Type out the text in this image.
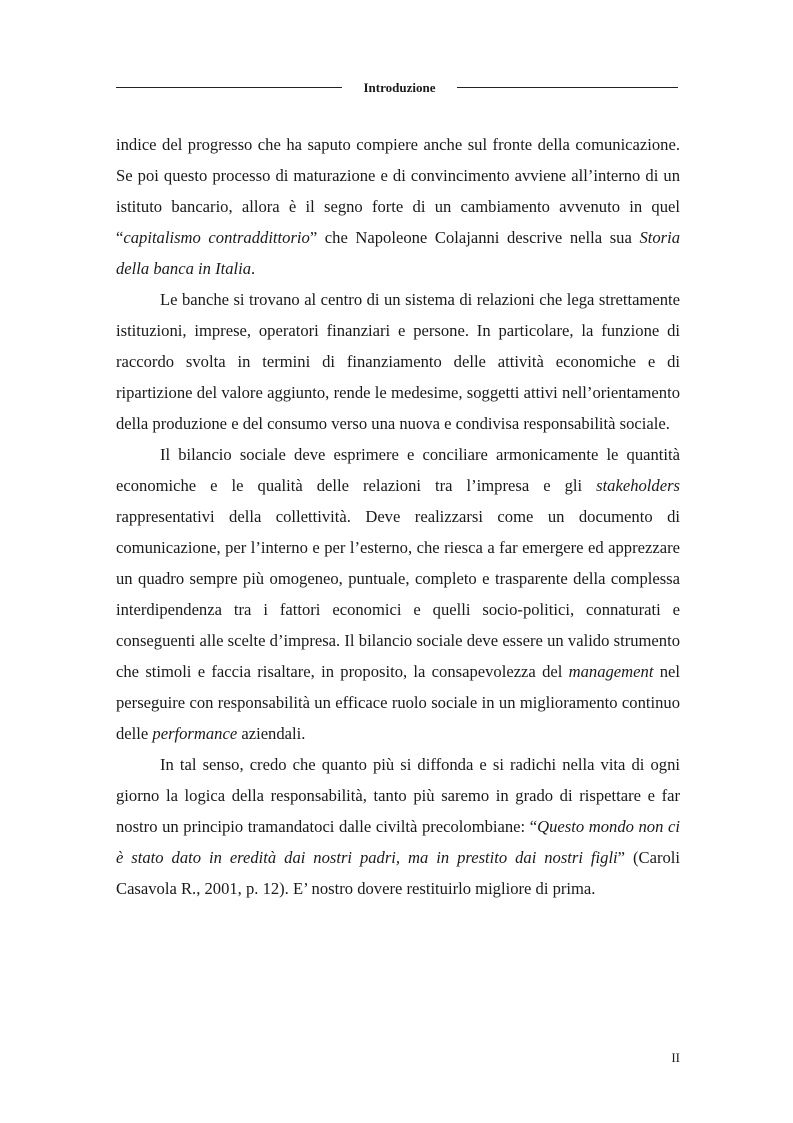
Introduzione

indice del progresso che ha saputo compiere anche sul fronte della comunicazione. Se poi questo processo di maturazione e di convincimento avviene all’interno di un istituto bancario, allora è il segno forte di un cambiamento avvenuto in quel “capitalismo contraddittorio” che Napoleone Colajanni descrive nella sua Storia della banca in Italia.

Le banche si trovano al centro di un sistema di relazioni che lega strettamente istituzioni, imprese, operatori finanziari e persone. In particolare, la funzione di raccordo svolta in termini di finanziamento delle attività economiche e di ripartizione del valore aggiunto, rende le medesime, soggetti attivi nell’orientamento della produzione e del consumo verso una nuova e condivisa responsabilità sociale.

Il bilancio sociale deve esprimere e conciliare armonicamente le quantità economiche e le qualità delle relazioni tra l’impresa e gli stakeholders rappresentativi della collettività. Deve realizzarsi come un documento di comunicazione, per l’interno e per l’esterno, che riesca a far emergere ed apprezzare un quadro sempre più omogeneo, puntuale, completo e trasparente della complessa interdipendenza tra i fattori economici e quelli socio-politici, connaturati e conseguenti alle scelte d’impresa. Il bilancio sociale deve essere un valido strumento che stimoli e faccia risaltare, in proposito, la consapevolezza del management nel perseguire con responsabilità un efficace ruolo sociale in un miglioramento continuo delle performance aziendali.

In tal senso, credo che quanto più si diffonda e si radichi nella vita di ogni giorno la logica della responsabilità, tanto più saremo in grado di rispettare e far nostro un principio tramandatoci dalle civiltà precolombiane: “Questo mondo non ci è stato dato in eredità dai nostri padri, ma in prestito dai nostri figli” (Caroli Casavola R., 2001, p. 12). E’ nostro dovere restituirlo migliore di prima.

II
